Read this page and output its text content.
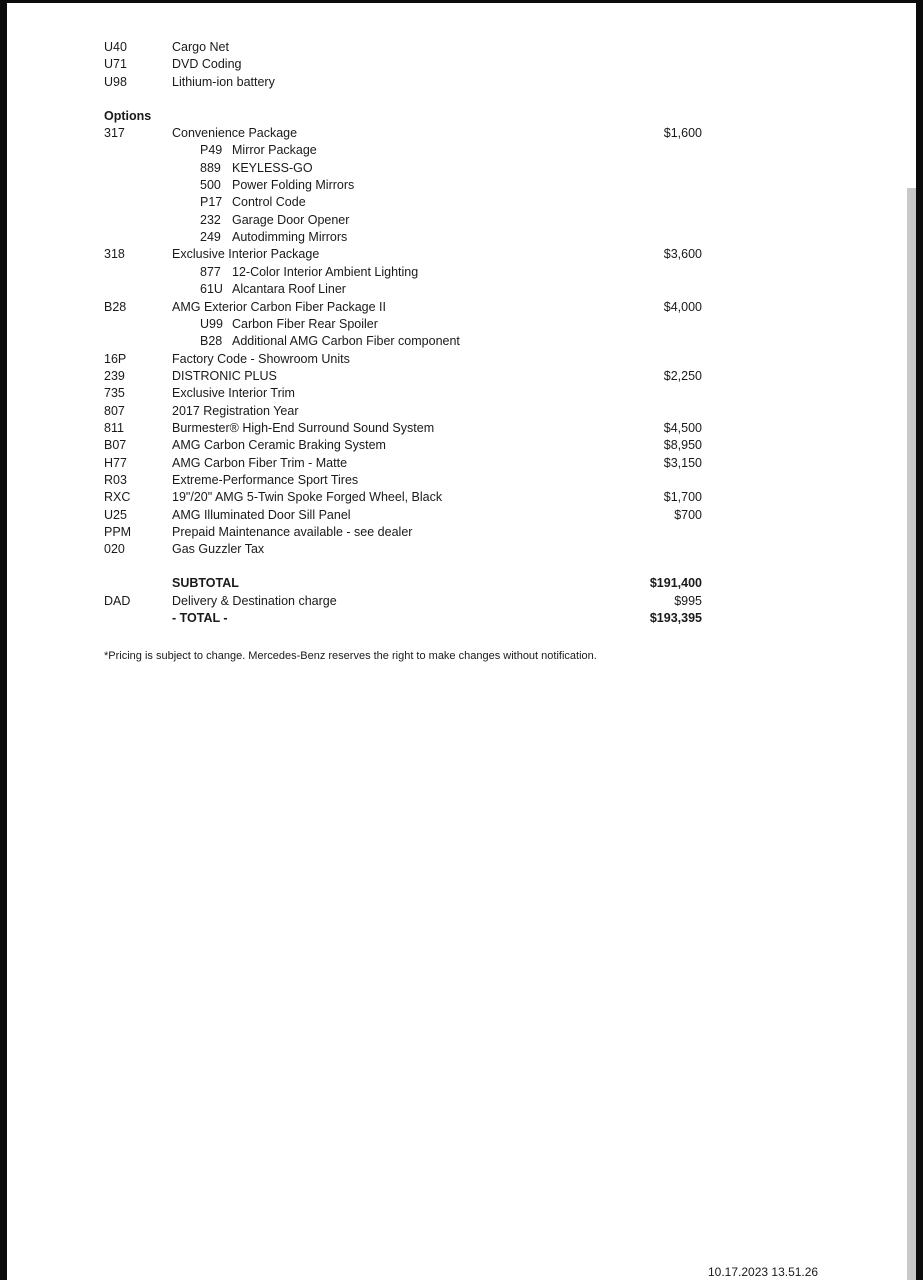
U40	Cargo Net
U71	DVD Coding
U98	Lithium-ion battery
Options
317	Convenience Package	$1,600
P49 Mirror Package
889 KEYLESS-GO
500 Power Folding Mirrors
P17 Control Code
232 Garage Door Opener
249 Autodimming Mirrors
318	Exclusive Interior Package	$3,600
877 12-Color Interior Ambient Lighting
61U Alcantara Roof Liner
B28	AMG Exterior Carbon Fiber Package II	$4,000
U99 Carbon Fiber Rear Spoiler
B28 Additional AMG Carbon Fiber component
16P	Factory Code - Showroom Units
239	DISTRONIC PLUS	$2,250
735	Exclusive Interior Trim
807	2017 Registration Year
811	Burmester® High-End Surround Sound System	$4,500
B07	AMG Carbon Ceramic Braking System	$8,950
H77	AMG Carbon Fiber Trim - Matte	$3,150
R03	Extreme-Performance Sport Tires
RXC	19"/20" AMG 5-Twin Spoke Forged Wheel, Black	$1,700
U25	AMG Illuminated Door Sill Panel	$700
PPM	Prepaid Maintenance available - see dealer
020	Gas Guzzler Tax
SUBTOTAL	$191,400
DAD	Delivery & Destination charge	$995
- TOTAL -	$193,395
*Pricing is subject to change. Mercedes-Benz reserves the right to make changes without notification.
10.17.2023 13.51.26
